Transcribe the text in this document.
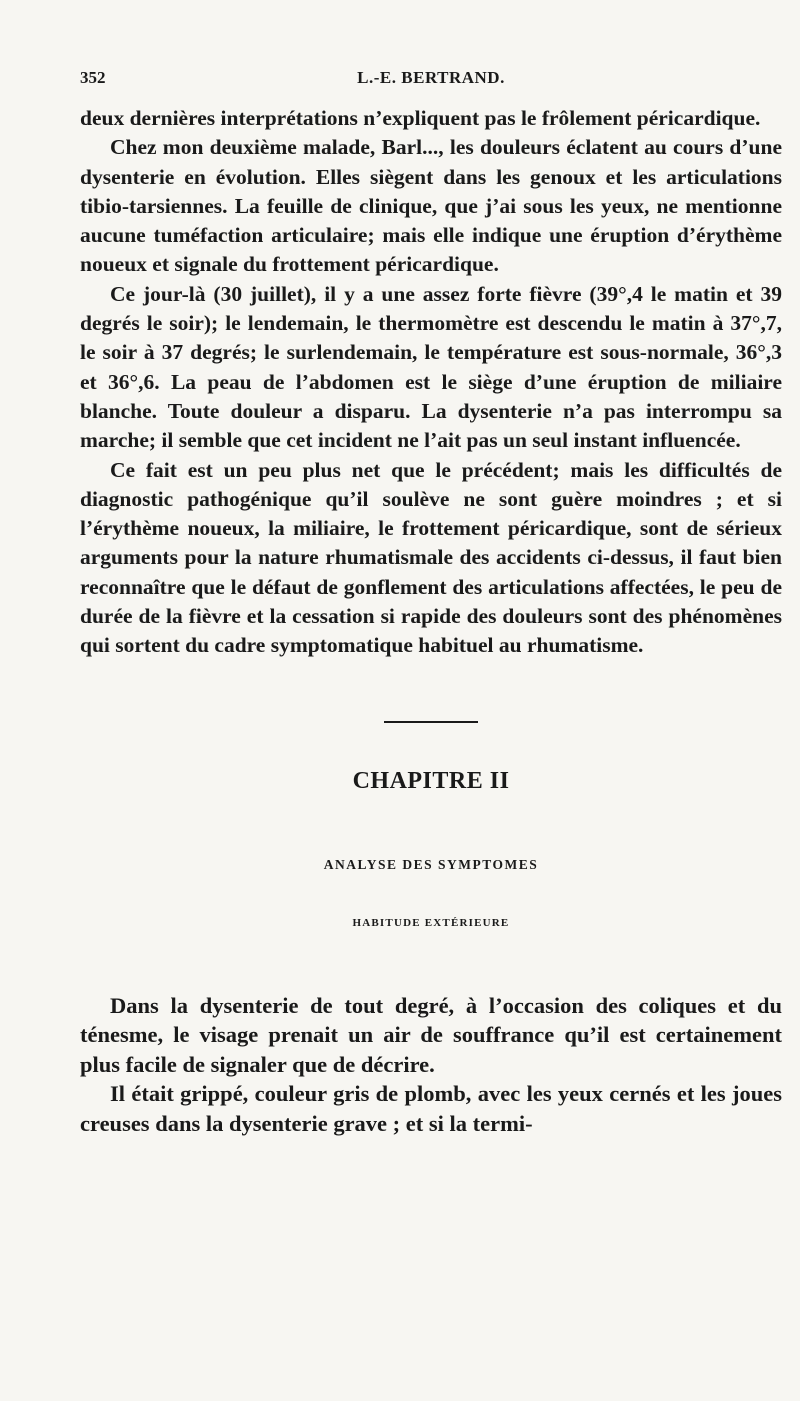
352	L.-E. BERTRAND.

deux dernières interprétations n’expliquent pas le frôlement péricardique.

Chez mon deuxième malade, Barl..., les douleurs éclatent au cours d’une dysenterie en évolution. Elles siègent dans les genoux et les articulations tibio-tarsiennes. La feuille de clinique, que j’ai sous les yeux, ne mentionne aucune tuméfaction articulaire; mais elle indique une éruption d’érythème noueux et signale du frottement péricardique.

Ce jour-là (30 juillet), il y a une assez forte fièvre (39°,4 le matin et 39 degrés le soir); le lendemain, le thermomètre est descendu le matin à 37°,7, le soir à 37 degrés; le surlendemain, le température est sous-normale, 36°,3 et 36°,6. La peau de l’abdomen est le siège d’une éruption de miliaire blanche. Toute douleur a disparu. La dysenterie n’a pas interrompu sa marche; il semble que cet incident ne l’ait pas un seul instant influencée.

Ce fait est un peu plus net que le précédent; mais les difficultés de diagnostic pathogénique qu’il soulève ne sont guère moindres ; et si l’érythème noueux, la miliaire, le frottement péricardique, sont de sérieux arguments pour la nature rhumatismale des accidents ci-dessus, il faut bien reconnaître que le défaut de gonflement des articulations affectées, le peu de durée de la fièvre et la cessation si rapide des douleurs sont des phénomènes qui sortent du cadre symptomatique habituel au rhumatisme.

CHAPITRE II
ANALYSE DES SYMPTOMES
HABITUDE EXTÉRIEURE

Dans la dysenterie de tout degré, à l’occasion des coliques et du ténesme, le visage prenait un air de souffrance qu’il est certainement plus facile de signaler que de décrire.

Il était grippé, couleur gris de plomb, avec les yeux cernés et les joues creuses dans la dysenterie grave ; et si la termi-
